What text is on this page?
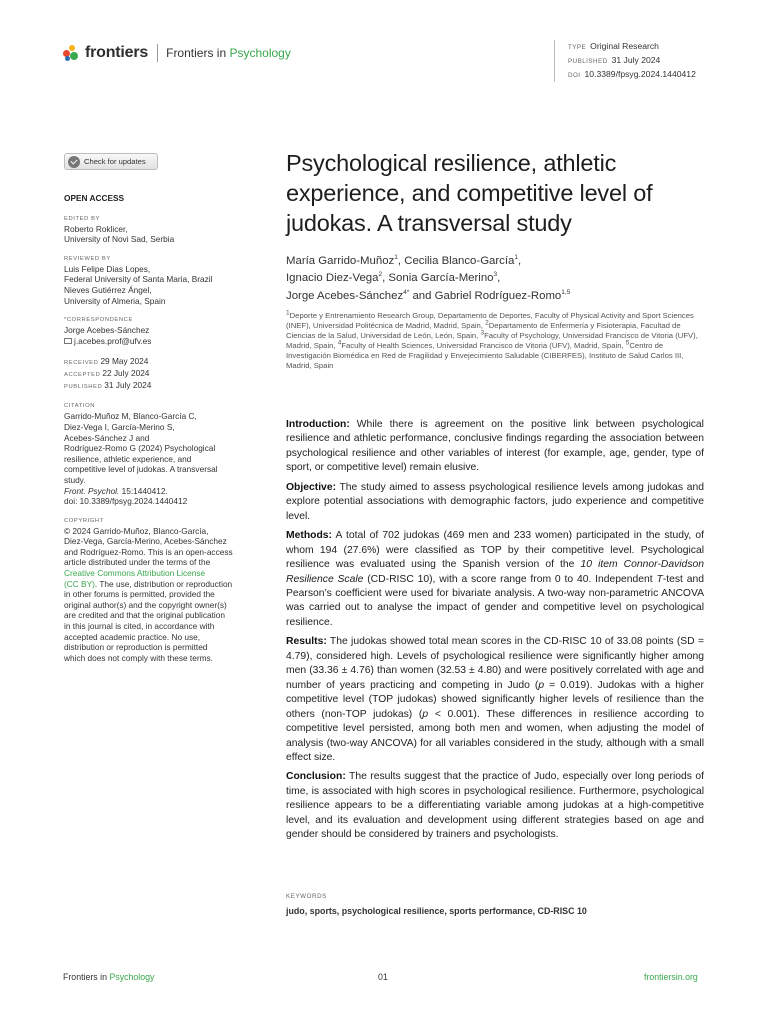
frontiers Frontiers in Psychology	TYPE Original Research
PUBLISHED 31 July 2024
DOI 10.3389/fpsyg.2024.1440412
Check for updates
OPEN ACCESS
EDITED BY
Roberto Roklicer,
University of Novi Sad, Serbia
REVIEWED BY
Luis Felipe Dias Lopes,
Federal University of Santa Maria, Brazil
Nieves Gutiérrez Ángel,
University of Almeria, Spain
*CORRESPONDENCE
Jorge Acebes-Sánchez
j.acebes.prof@ufv.es
RECEIVED 29 May 2024
ACCEPTED 22 July 2024
PUBLISHED 31 July 2024
CITATION
Garrido-Muñoz M, Blanco-García C,
Diez-Vega I, García-Merino S,
Acebes-Sánchez J and
Rodríguez-Romo G (2024) Psychological
resilience, athletic experience, and
competitive level of judokas. A transversal
study.
Front. Psychol. 15:1440412.
doi: 10.3389/fpsyg.2024.1440412
COPYRIGHT
© 2024 Garrido-Muñoz, Blanco-García,
Diez-Vega, García-Merino, Acebes-Sánchez
and Rodríguez-Romo. This is an open-access
article distributed under the terms of the
Creative Commons Attribution License
(CC BY). The use, distribution or reproduction
in other forums is permitted, provided the
original author(s) and the copyright owner(s)
are credited and that the original publication
in this journal is cited, in accordance with
accepted academic practice. No use,
distribution or reproduction is permitted
which does not comply with these terms.
Psychological resilience, athletic experience, and competitive level of judokas. A transversal study
María Garrido-Muñoz$^1$, Cecilia Blanco-García$^1$,
Ignacio Diez-Vega$^2$, Sonia García-Merino$^3$,
Jorge Acebes-Sánchez$^{4*}$ and Gabriel Rodríguez-Romo$^{1,5}$
$^1$Deporte y Entrenamiento Research Group, Departamento de Deportes, Faculty of Physical Activity and Sport Sciences (INEF), Universidad Politécnica de Madrid, Madrid, Spain, $^2$Departamento de Enfermería y Fisioterapia, Facultad de Ciencias de la Salud, Universidad de León, León, Spain, $^3$Faculty of Psychology, Universidad Francisco de Vitoria (UFV), Madrid, Spain, $^4$Faculty of Health Sciences, Universidad Francisco de Vitoria (UFV), Madrid, Spain, $^5$Centro de Investigación Biomédica en Red de Fragilidad y Envejecimiento Saludable (CIBERFES), Instituto de Salud Carlos III, Madrid, Spain

Introduction: While there is agreement on the positive link between psychological resilience and athletic performance, conclusive findings regarding the association between psychological resilience and other variables of interest (for example, age, gender, type of sport, or competitive level) remain elusive.

Objective: The study aimed to assess psychological resilience levels among judokas and explore potential associations with demographic factors, judo experience and competitive level.

Methods: A total of 702 judokas (469 men and 233 women) participated in the study, of whom 194 (27.6%) were classified as TOP by their competitive level. Psychological resilience was evaluated using the Spanish version of the 10 item Connor-Davidson Resilience Scale (CD-RISC 10), with a score range from 0 to 40. Independent T-test and Pearson’s coefficient were used for bivariate analysis. A two-way non-parametric ANCOVA was carried out to analyse the impact of gender and competitive level on psychological resilience.

Results: The judokas showed total mean scores in the CD-RISC 10 of 33.08 points (SD = 4.79), considered high. Levels of psychological resilience were significantly higher among men (33.36 ± 4.76) than women (32.53 ± 4.80) and were positively correlated with age and number of years practicing and competing in Judo (p = 0.019). Judokas with a higher competitive level (TOP judokas) showed significantly higher levels of resilience than the others (non-TOP judokas) (p < 0.001). These differences in resilience according to competitive level persisted, among both men and women, when adjusting the model of analysis (two-way ANCOVA) for all variables considered in the study, although with a small effect size.

Conclusion: The results suggest that the practice of Judo, especially over long periods of time, is associated with high scores in psychological resilience. Furthermore, psychological resilience appears to be a differentiating variable among judokas at a high-competitive level, and its evaluation and development using different strategies based on age and gender should be considered by trainers and psychologists.

KEYWORDS
judo, sports, psychological resilience, sports performance, CD-RISC 10
Frontiers in Psychology	01	frontiersin.org
